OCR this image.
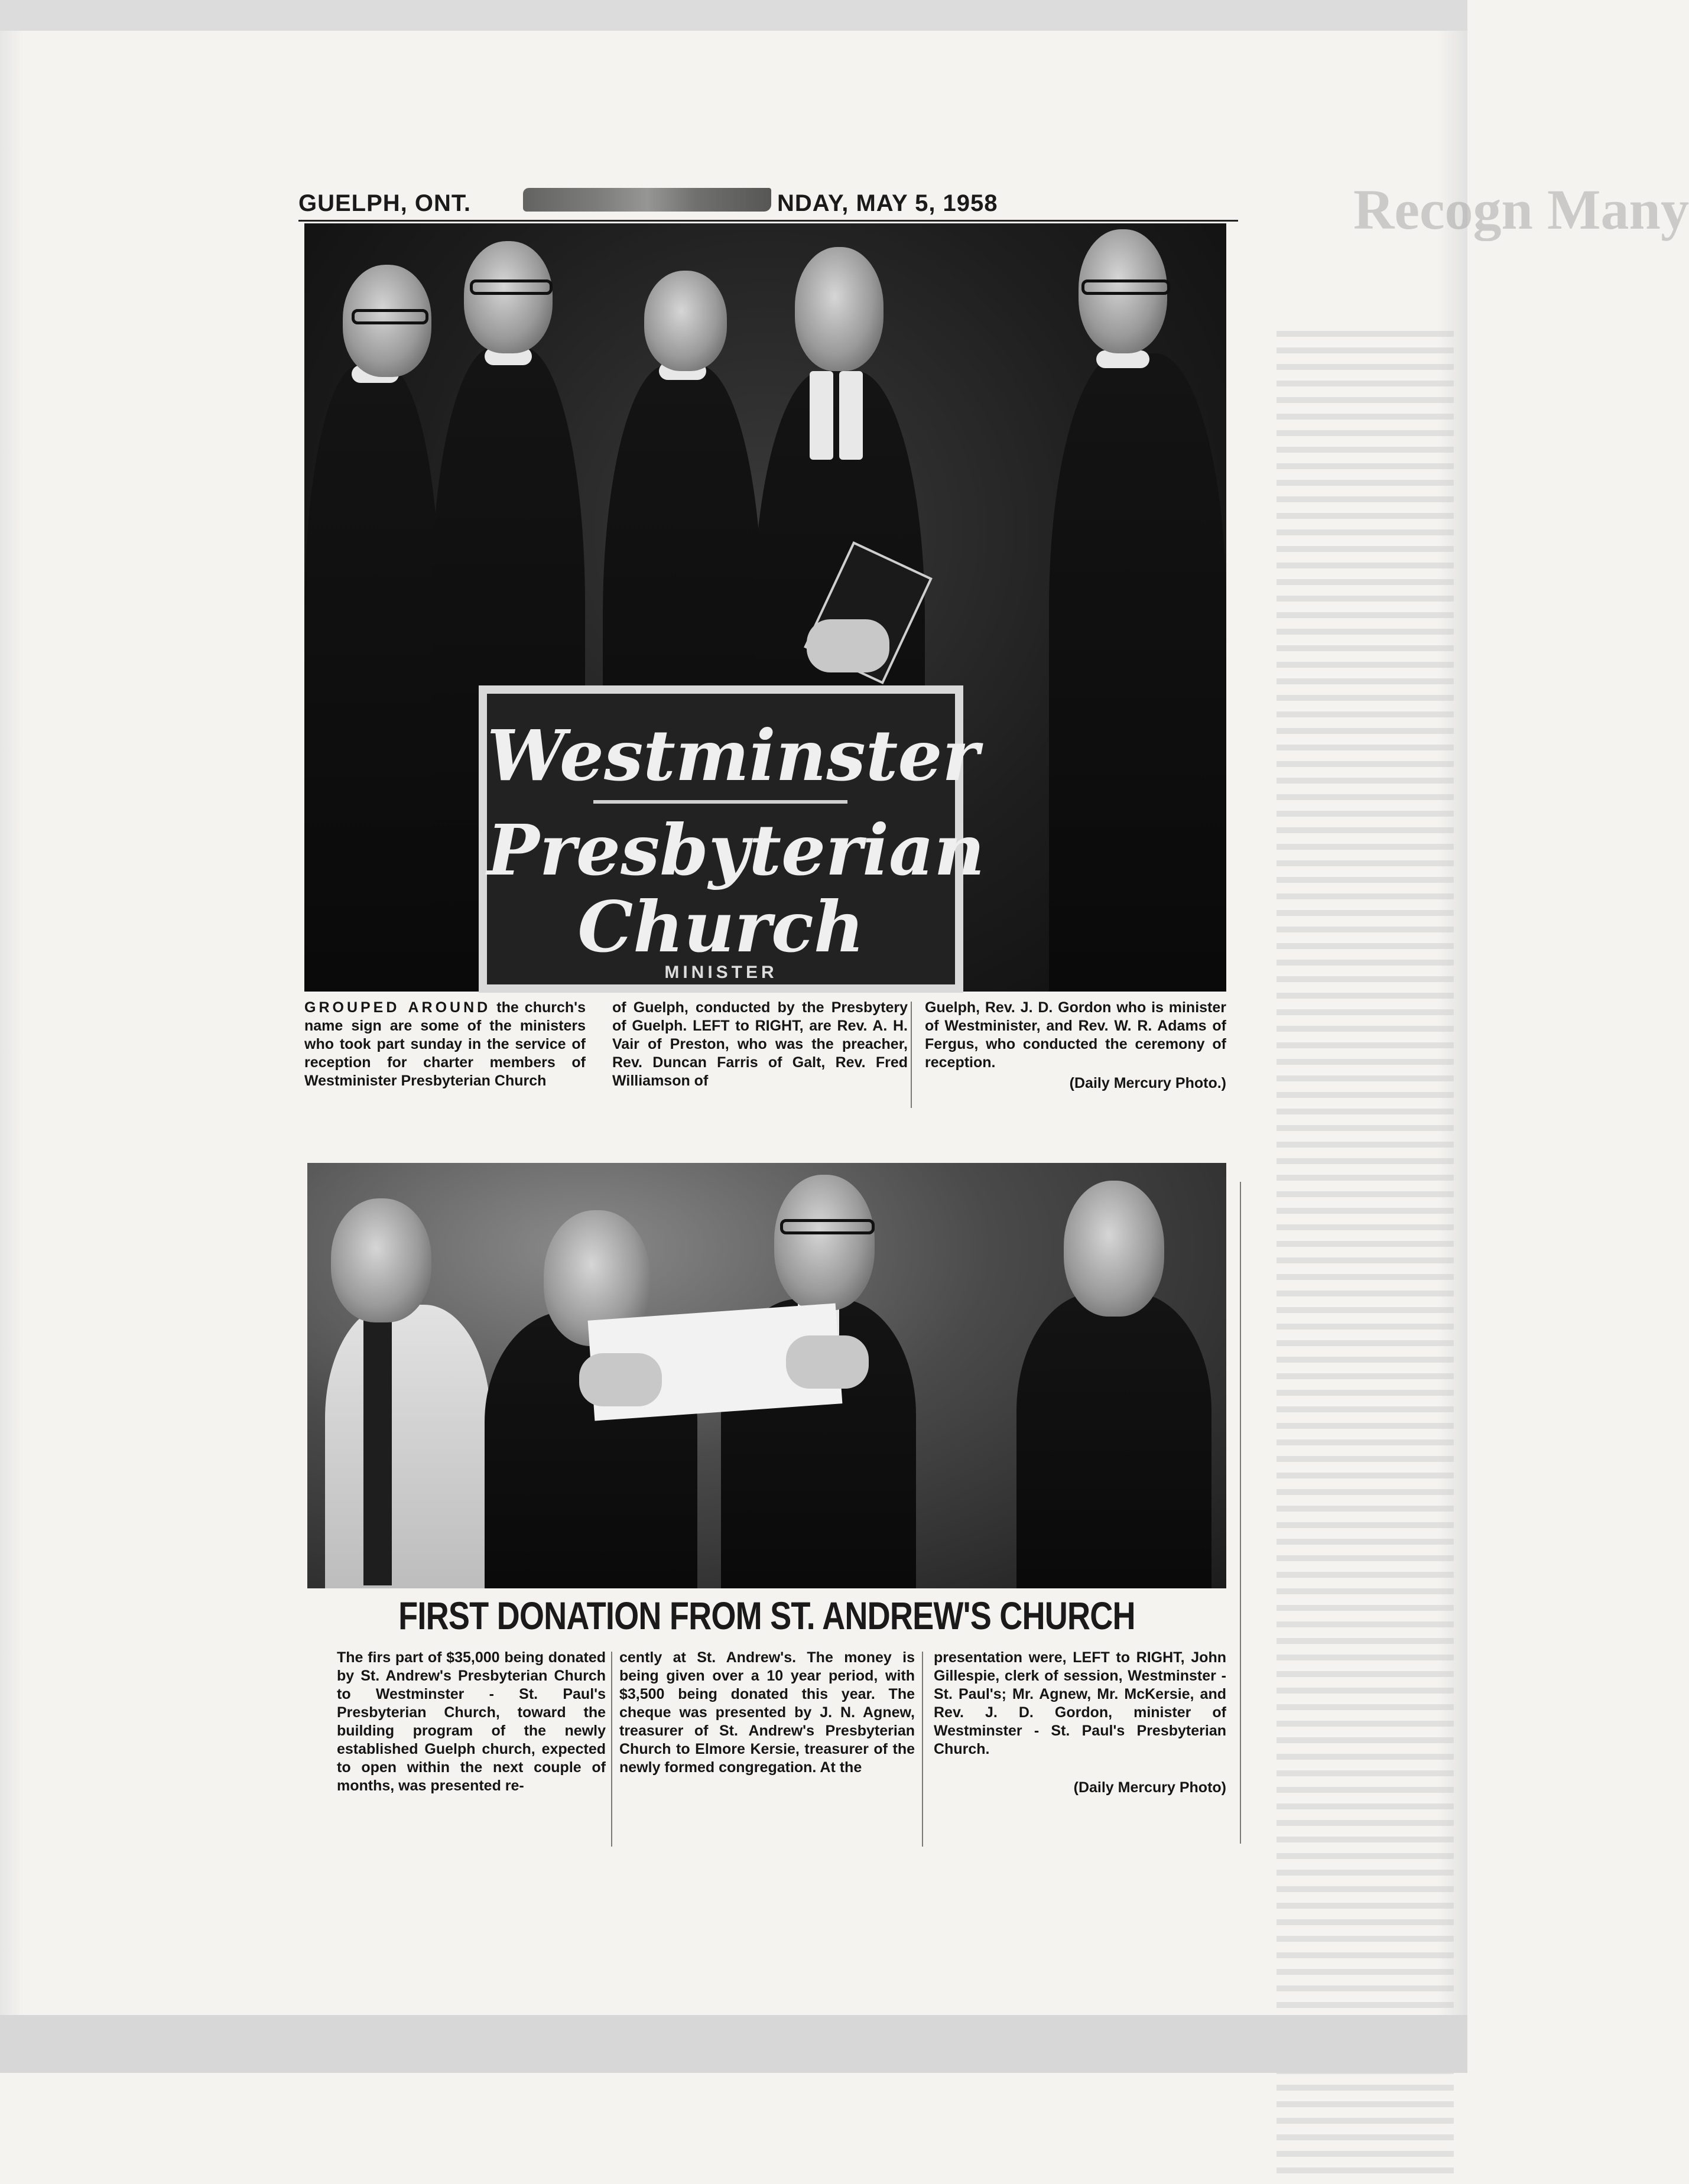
Recogn Many
GUELPH, ONT.	NDAY, MAY 5, 1958
Westminster
Presbyterian
Church
MINISTER
GROUPED AROUND the church's name sign are some of the ministers who took part sunday in the service of reception for charter members of Westminister Presbyterian Church
of Guelph, conducted by the Presbytery of Guelph. LEFT to RIGHT, are Rev. A. H. Vair of Preston, who was the preacher, Rev. Duncan Farris of Galt, Rev. Fred Williamson of
Guelph, Rev. J. D. Gordon who is minister of Westminister, and Rev. W. R. Adams of Fergus, who conducted the ceremony of reception.
(Daily Mercury Photo.)
FIRST DONATION FROM ST. ANDREW'S CHURCH
The firs part of $35,000 being donated by St. Andrew's Presbyterian Church to Westminster - St. Paul's Presbyterian Church, toward the building program of the newly established Guelph church, expected to open within the next couple of months, was presented re-
cently at St. Andrew's. The money is being given over a 10 year period, with $3,500 being donated this year. The cheque was presented by J. N. Agnew, treasurer of St. Andrew's Presbyterian Church to Elmore Kersie, treasurer of the newly formed congregation. At the
presentation were, LEFT to RIGHT, John Gillespie, clerk of session, Westminster - St. Paul's; Mr. Agnew, Mr. McKersie, and Rev. J. D. Gordon, minister of Westminster - St. Paul's Presbyterian Church.
(Daily Mercury Photo)
